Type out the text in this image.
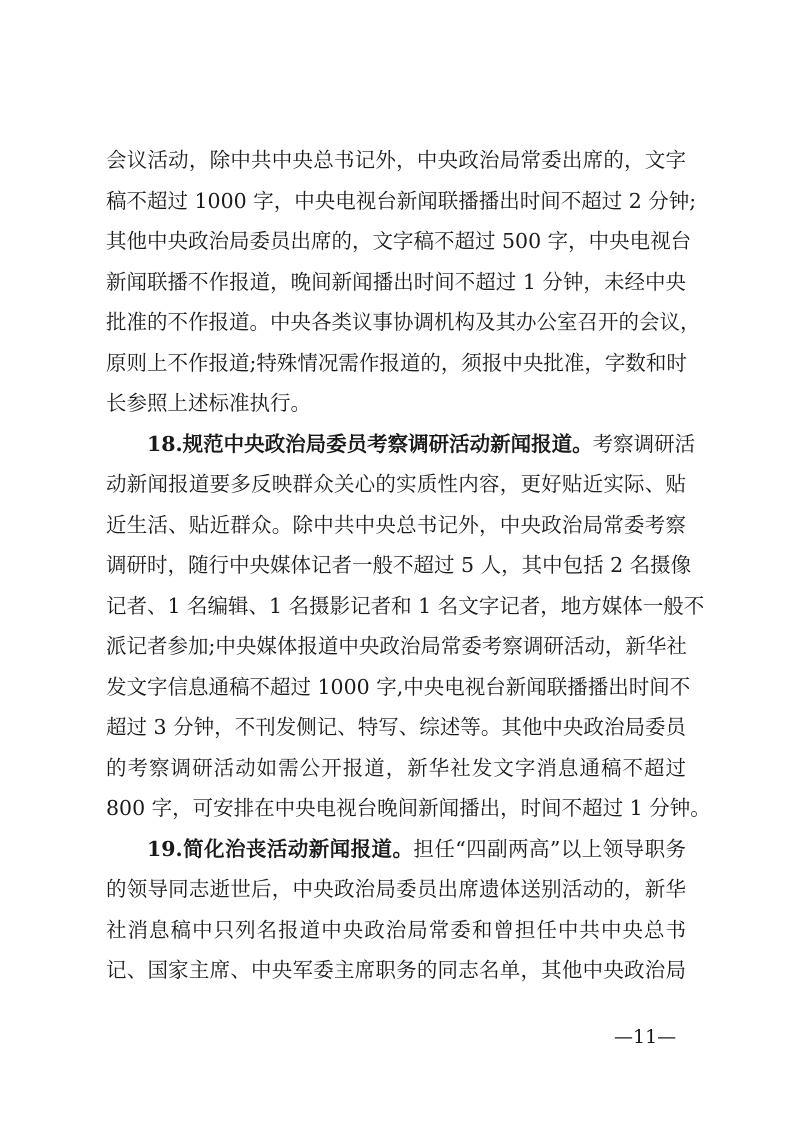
会议活动，除中共中央总书记外，中央政治局常委出席的，文字
稿不超过 1000 字，中央电视台新闻联播播出时间不超过 2 分钟;
其他中央政治局委员出席的，文字稿不超过 500 字，中央电视台
新闻联播不作报道，晚间新闻播出时间不超过 1 分钟，未经中央
批准的不作报道。中央各类议事协调机构及其办公室召开的会议，
原则上不作报道;特殊情况需作报道的，须报中央批准，字数和时
长参照上述标准执行。
18.规范中央政治局委员考察调研活动新闻报道。考察调研活
动新闻报道要多反映群众关心的实质性内容，更好贴近实际、贴
近生活、贴近群众。除中共中央总书记外，中央政治局常委考察
调研时，随行中央媒体记者一般不超过 5 人，其中包括 2 名摄像
记者、1 名编辑、1 名摄影记者和 1 名文字记者，地方媒体一般不
派记者参加;中央媒体报道中央政治局常委考察调研活动，新华社
发文字信息通稿不超过 1000 字,中央电视台新闻联播播出时间不
超过 3 分钟，不刊发侧记、特写、综述等。其他中央政治局委员
的考察调研活动如需公开报道，新华社发文字消息通稿不超过
800 字，可安排在中央电视台晚间新闻播出，时间不超过 1 分钟。
19.简化治丧活动新闻报道。担任“四副两高”以上领导职务
的领导同志逝世后，中央政治局委员出席遗体送别活动的，新华
社消息稿中只列名报道中央政治局常委和曾担任中共中央总书
记、国家主席、中央军委主席职务的同志名单，其他中央政治局
—11—
